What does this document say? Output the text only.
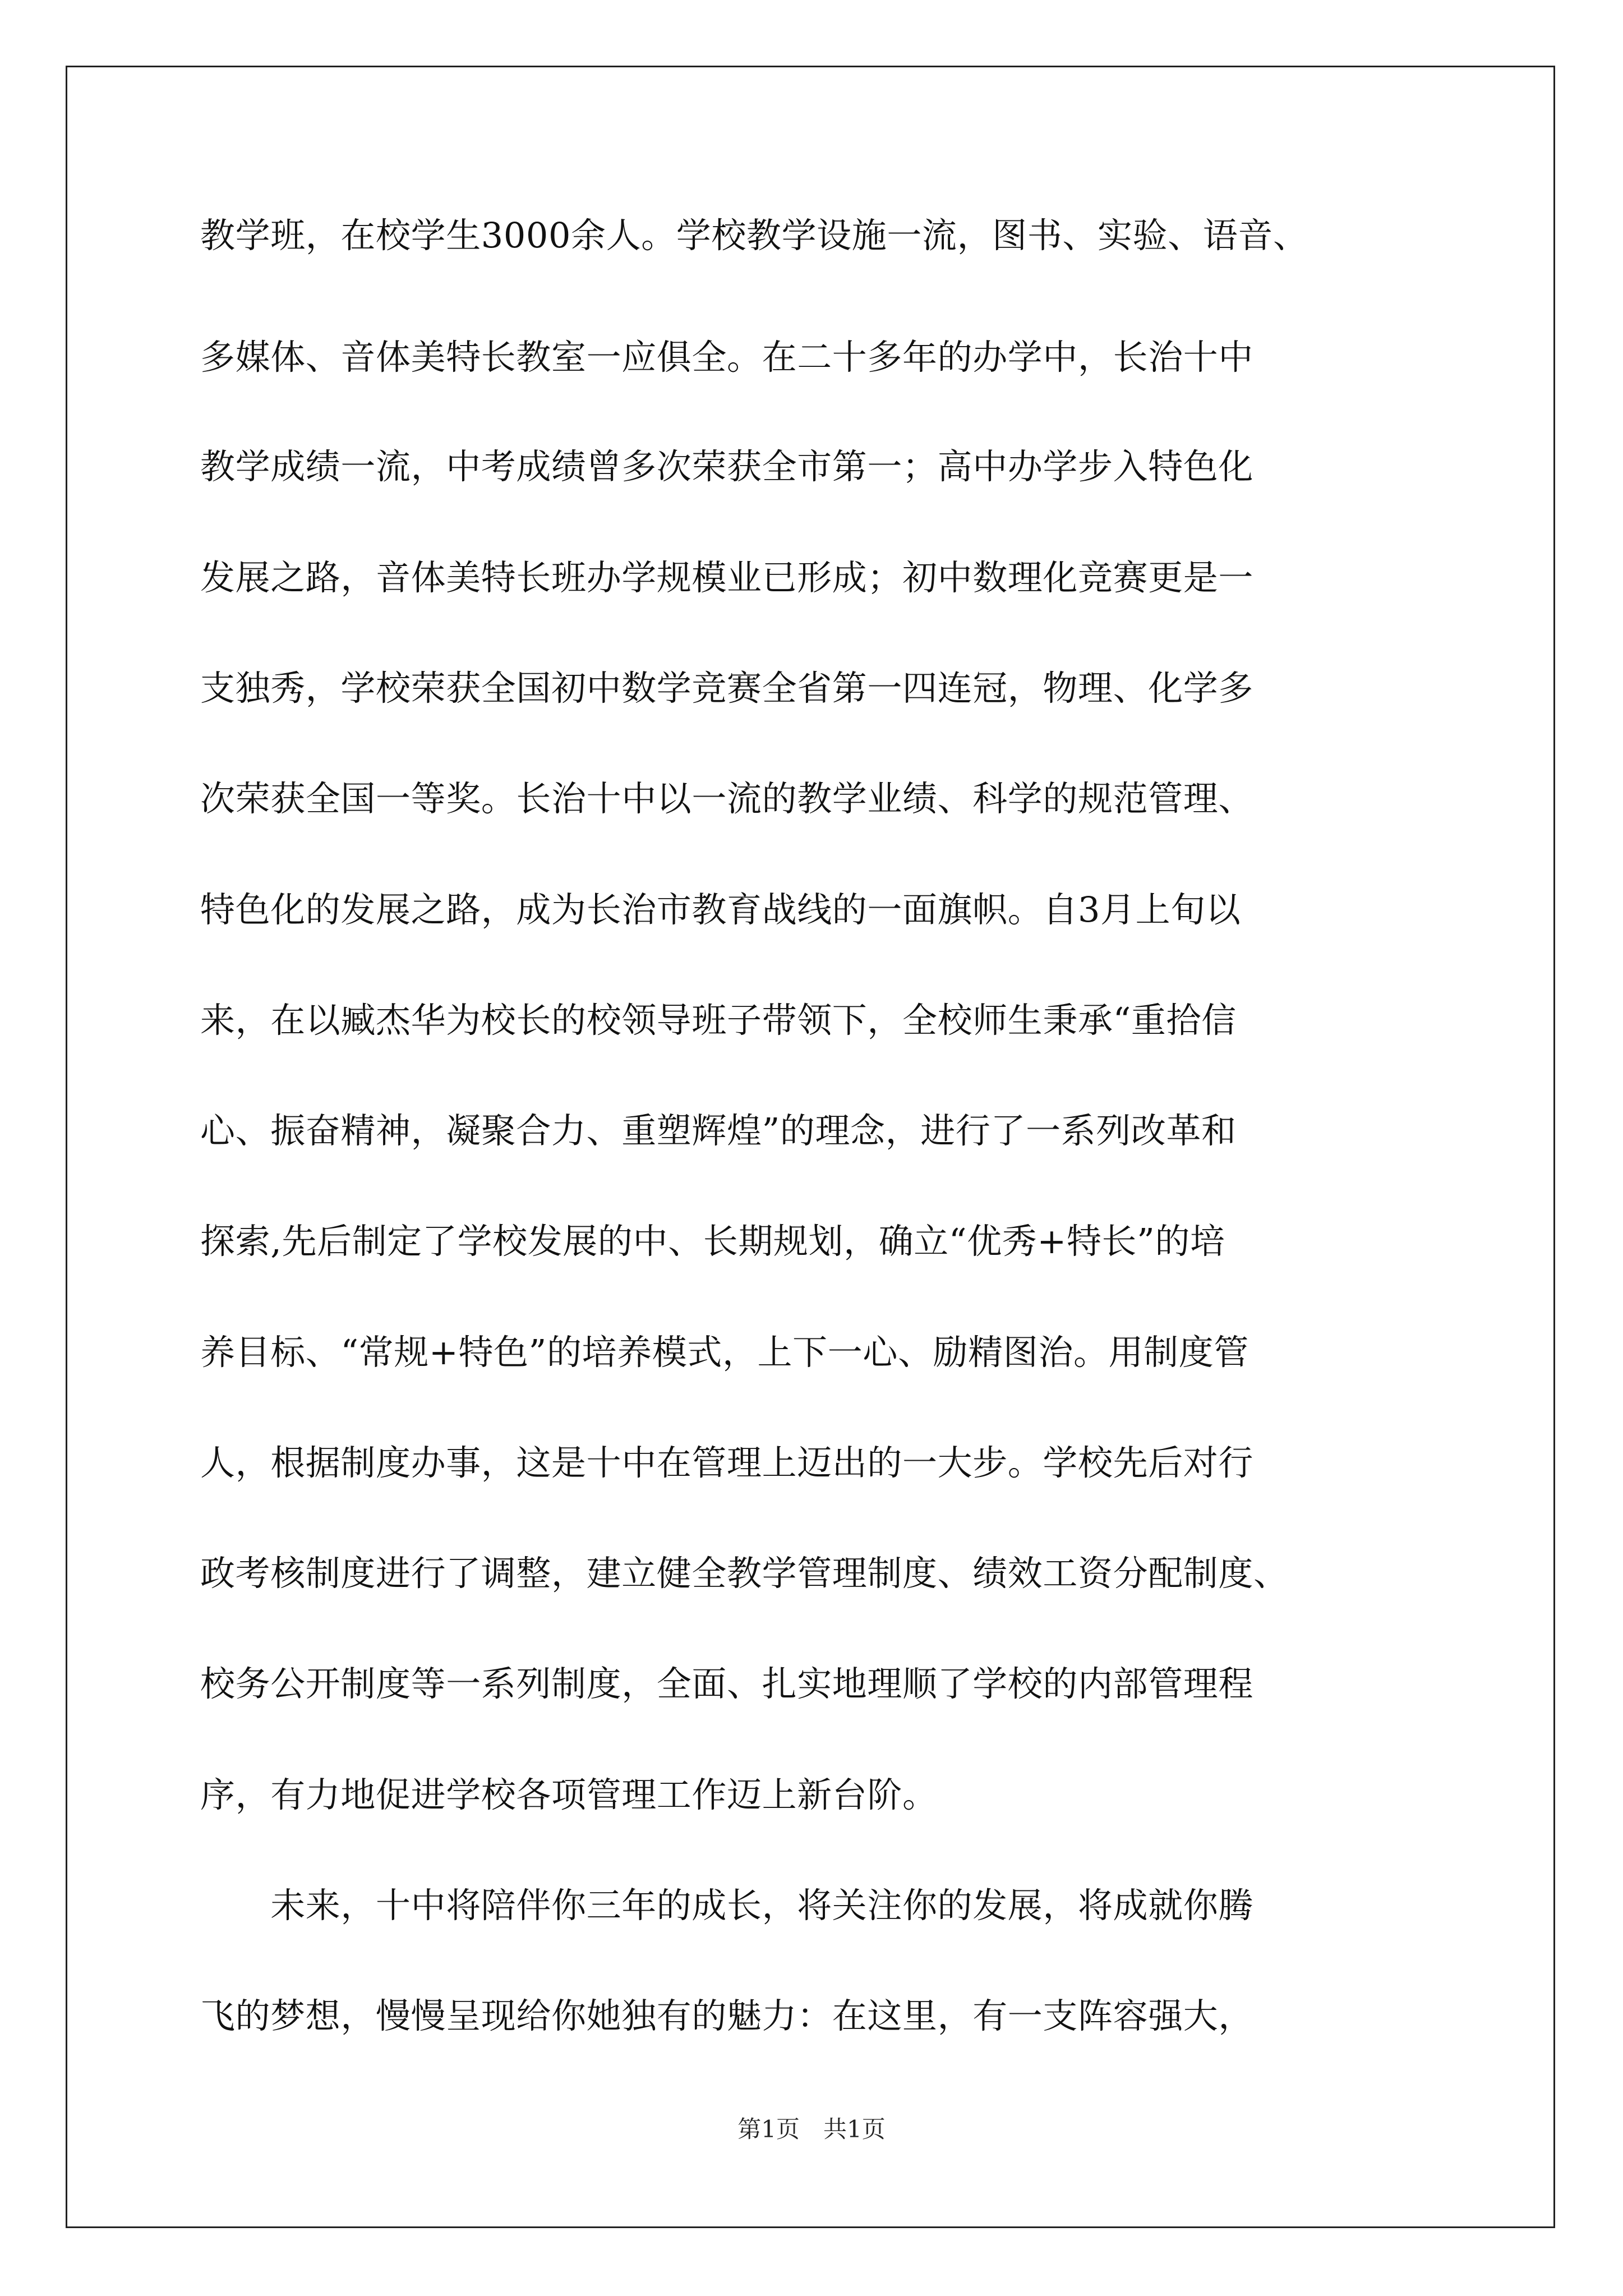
教学班，在校学生3000余人。学校教学设施一流，图书、实验、语音、

多媒体、音体美特长教室一应俱全。在二十多年的办学中，长治十中

教学成绩一流，中考成绩曾多次荣获全市第一；高中办学步入特色化

发展之路，音体美特长班办学规模业已形成；初中数理化竞赛更是一

支独秀，学校荣获全国初中数学竞赛全省第一四连冠，物理、化学多

次荣获全国一等奖。长治十中以一流的教学业绩、科学的规范管理、

特色化的发展之路，成为长治市教育战线的一面旗帜。自3月上旬以

来，在以臧杰华为校长的校领导班子带领下，全校师生秉承“重拾信

心、振奋精神，凝聚合力、重塑辉煌”的理念，进行了一系列改革和

探索,先后制定了学校发展的中、长期规划，确立“优秀+特长”的培

养目标、“常规+特色”的培养模式，上下一心、励精图治。用制度管

人，根据制度办事，这是十中在管理上迈出的一大步。学校先后对行

政考核制度进行了调整，建立健全教学管理制度、绩效工资分配制度、

校务公开制度等一系列制度，全面、扎实地理顺了学校的内部管理程

序，有力地促进学校各项管理工作迈上新台阶。

　　未来，十中将陪伴你三年的成长，将关注你的发展，将成就你腾

飞的梦想，慢慢呈现给你她独有的魅力：在这里，有一支阵容强大，

第1页　共1页
